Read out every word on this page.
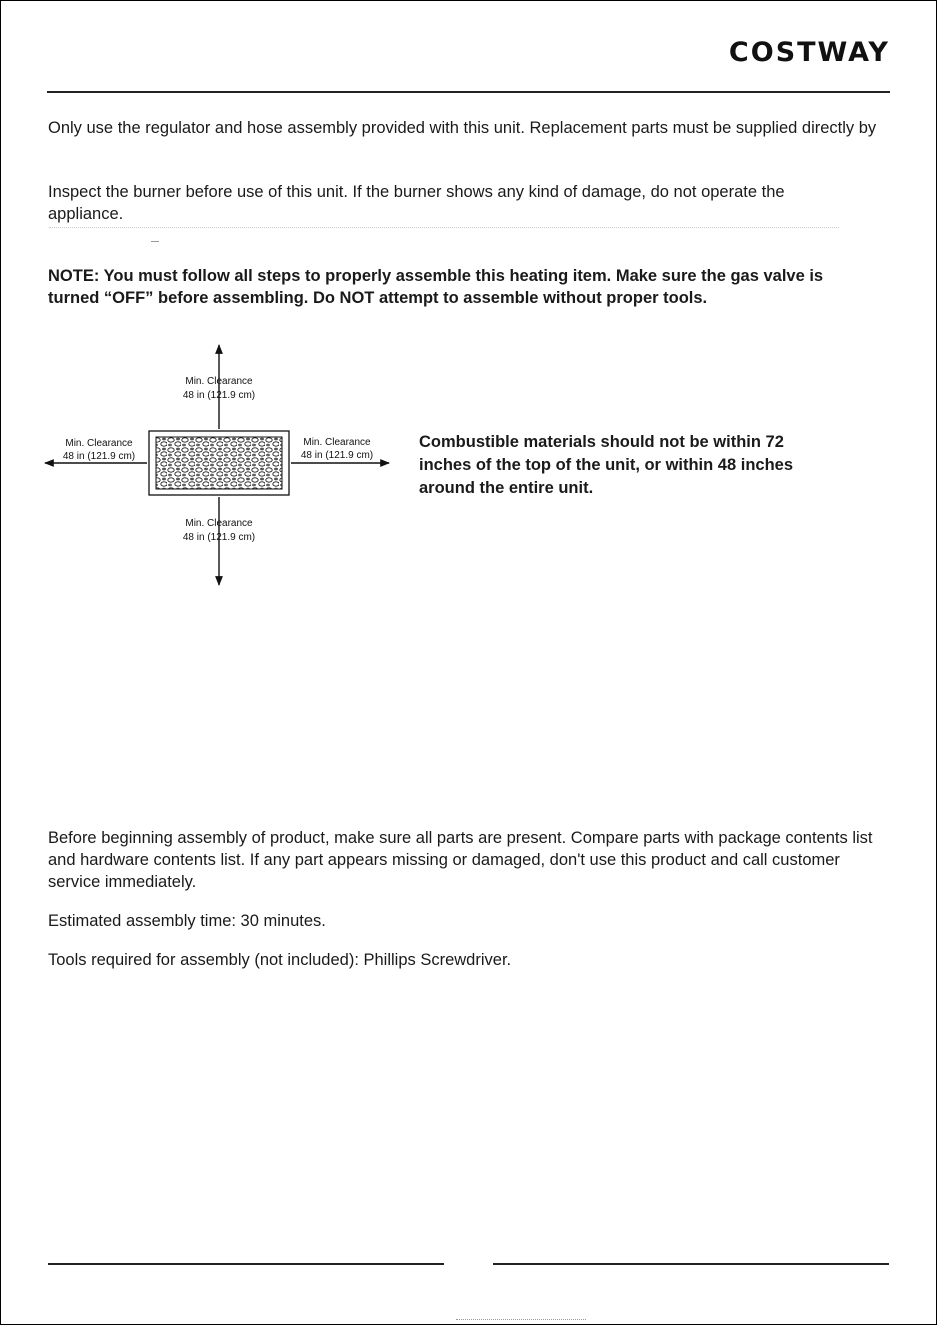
COSTWAY

Only use the regulator and hose assembly provided with this unit. Replacement parts must be supplied directly by

Inspect the burner before use of this unit. If the burner shows any kind of damage, do not operate the appliance.

NOTE: You must follow all steps to properly assemble this heating item. Make sure the gas valve is turned “OFF” before assembling. Do NOT attempt to assemble without proper tools.

Min. Clearance
48 in (121.9 cm)
Min. Clearance
48 in (121.9 cm)
Min. Clearance
48 in (121.9 cm)
Min. Clearance
48 in (121.9 cm)

Combustible materials should not be within 72 inches of the top of the unit, or within 48 inches around the entire unit.

Before beginning assembly of product, make sure all parts are present. Compare parts with package contents list and hardware contents list. If any part appears missing or damaged, don't use this product and call customer service immediately.

Estimated assembly time: 30 minutes.

Tools required for assembly (not included): Phillips Screwdriver.
